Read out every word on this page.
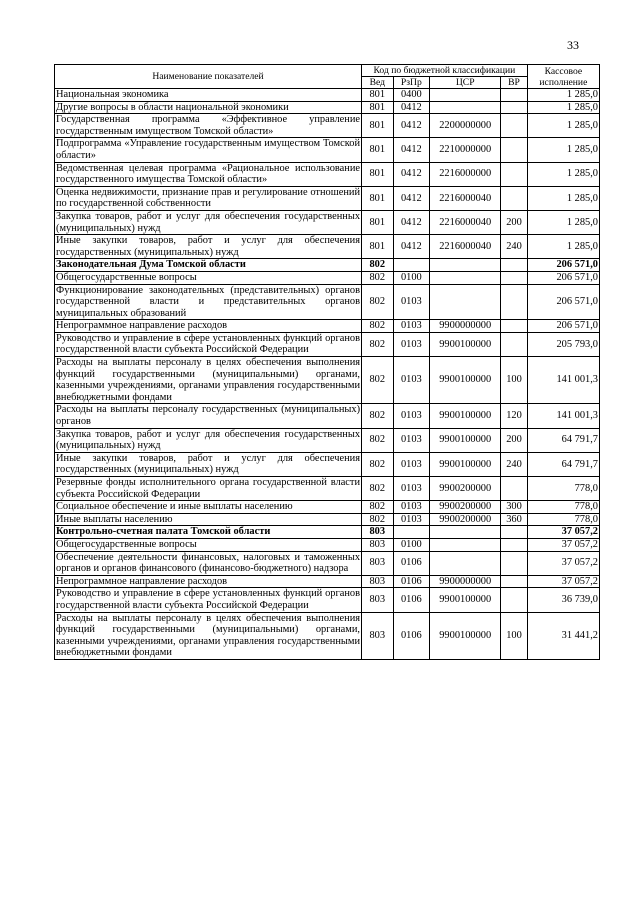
33
Наименование показателей	Код по бюджетной классификации				Кассовое исполнение
	Вед	РзПр	ЦСР	ВР	
Национальная экономика	801	0400			1 285,0
Другие вопросы в области национальной экономики	801	0412			1 285,0
Государственная программа «Эффективное управление государственным имуществом Томской области»	801	0412	2200000000		1 285,0
Подпрограмма «Управление государственным имуществом Томской области»	801	0412	2210000000		1 285,0
Ведомственная целевая программа «Рациональное использование государственного имущества Томской области»	801	0412	2216000000		1 285,0
Оценка недвижимости, признание прав и регулирование отношений по государственной собственности	801	0412	2216000040		1 285,0
Закупка товаров, работ и услуг для обеспечения государственных (муниципальных) нужд	801	0412	2216000040	200	1 285,0
Иные закупки товаров, работ и услуг для обеспечения государственных (муниципальных) нужд	801	0412	2216000040	240	1 285,0
Законодательная Дума Томской области	802				206 571,0
Общегосударственные вопросы	802	0100			206 571,0
Функционирование законодательных (представительных) органов государственной власти и представительных органов муниципальных образований	802	0103			206 571,0
Непрограммное направление расходов	802	0103	9900000000		206 571,0
Руководство и управление в сфере установленных функций органов государственной власти субъекта Российской Федерации	802	0103	9900100000		205 793,0
Расходы на выплаты персоналу в целях обеспечения выполнения функций государственными (муниципальными) органами, казенными учреждениями, органами управления государственными внебюджетными фондами	802	0103	9900100000	100	141 001,3
Расходы на выплаты персоналу государственных (муниципальных) органов	802	0103	9900100000	120	141 001,3
Закупка товаров, работ и услуг для обеспечения государственных (муниципальных) нужд	802	0103	9900100000	200	64 791,7
Иные закупки товаров, работ и услуг для обеспечения государственных (муниципальных) нужд	802	0103	9900100000	240	64 791,7
Резервные фонды исполнительного органа государственной власти субъекта Российской Федерации	802	0103	9900200000		778,0
Социальное обеспечение и иные выплаты населению	802	0103	9900200000	300	778,0
Иные выплаты населению	802	0103	9900200000	360	778,0
Контрольно-счетная палата Томской области	803				37 057,2
Общегосударственные вопросы	803	0100			37 057,2
Обеспечение деятельности финансовых, налоговых и таможенных органов и органов финансового (финансово-бюджетного) надзора	803	0106			37 057,2
Непрограммное направление расходов	803	0106	9900000000		37 057,2
Руководство и управление в сфере установленных функций органов государственной власти субъекта Российской Федерации	803	0106	9900100000		36 739,0
Расходы на выплаты персоналу в целях обеспечения выполнения функций государственными (муниципальными) органами, казенными учреждениями, органами управления государственными внебюджетными фондами	803	0106	9900100000	100	31 441,2
